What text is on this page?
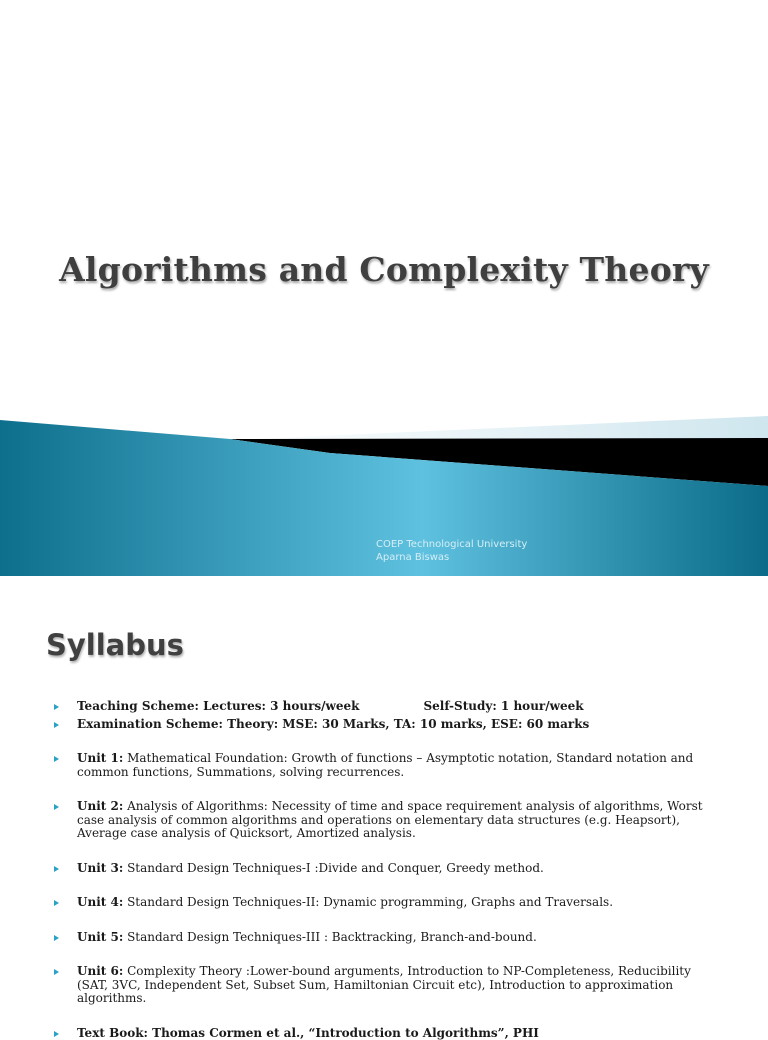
Algorithms and Complexity Theory
COEP Technological University
Aparna Biswas
Syllabus
Teaching Scheme: Lectures: 3 hours/week	Self-Study: 1 hour/week
Examination Scheme: Theory: MSE: 30 Marks, TA: 10 marks, ESE: 60 marks
Unit 1: Mathematical Foundation: Growth of functions – Asymptotic notation, Standard notation and common functions, Summations, solving recurrences.
Unit 2: Analysis of Algorithms: Necessity of time and space requirement analysis of algorithms, Worst case analysis of common algorithms and operations on elementary data structures (e.g. Heapsort), Average case analysis of Quicksort, Amortized analysis.
Unit 3: Standard Design Techniques-I :Divide and Conquer, Greedy method.
Unit 4: Standard Design Techniques-II: Dynamic programming, Graphs and Traversals.
Unit 5: Standard Design Techniques-III : Backtracking, Branch-and-bound.
Unit 6: Complexity Theory :Lower-bound arguments, Introduction to NP-Completeness, Reducibility (SAT, 3VC, Independent Set, Subset Sum, Hamiltonian Circuit etc), Introduction to approximation algorithms.
Text Book: Thomas Cormen et al., “Introduction to Algorithms”, PHI
